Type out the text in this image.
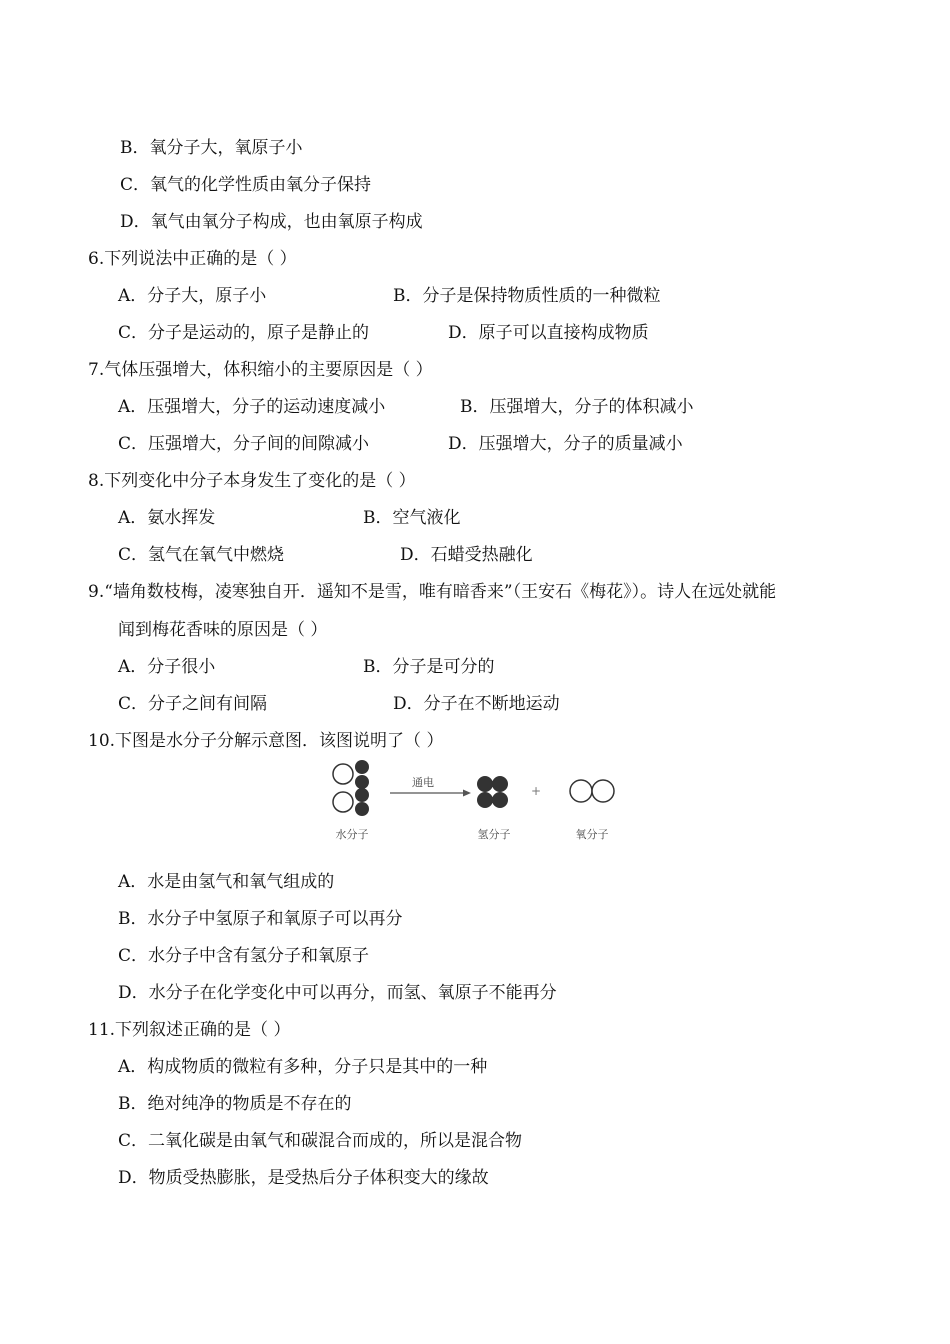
B．氧分子大，氧原子小
C．氧气的化学性质由氧分子保持
D．氧气由氧分子构成，也由氧原子构成
6.下列说法中正确的是（ ）
A．分子大，原子小	B．分子是保持物质性质的一种微粒
C．分子是运动的，原子是静止的	D．原子可以直接构成物质
7.气体压强增大，体积缩小的主要原因是（ ）
A．压强增大，分子的运动速度减小	B．压强增大，分子的体积减小
C．压强增大，分子间的间隙减小	D．压强增大，分子的质量减小
8.下列变化中分子本身发生了变化的是（ ）
A．氨水挥发	B．空气液化
C．氢气在氧气中燃烧	D．石蜡受热融化
9.“墙角数枝梅，凌寒独自开．遥知不是雪，唯有暗香来”（王安石《梅花》）。诗人在远处就能
闻到梅花香味的原因是（ ）
A．分子很小	B．分子是可分的
C．分子之间有间隔	D．分子在不断地运动
10.下图是水分子分解示意图．该图说明了（ ）
水分子
通电
氢分子
+
氧分子
A．水是由氢气和氧气组成的
B．水分子中氢原子和氧原子可以再分
C．水分子中含有氢分子和氧原子
D．水分子在化学变化中可以再分，而氢、氧原子不能再分
11.下列叙述正确的是（ ）
A．构成物质的微粒有多种，分子只是其中的一种
B．绝对纯净的物质是不存在的
C．二氧化碳是由氧气和碳混合而成的，所以是混合物
D．物质受热膨胀，是受热后分子体积变大的缘故
